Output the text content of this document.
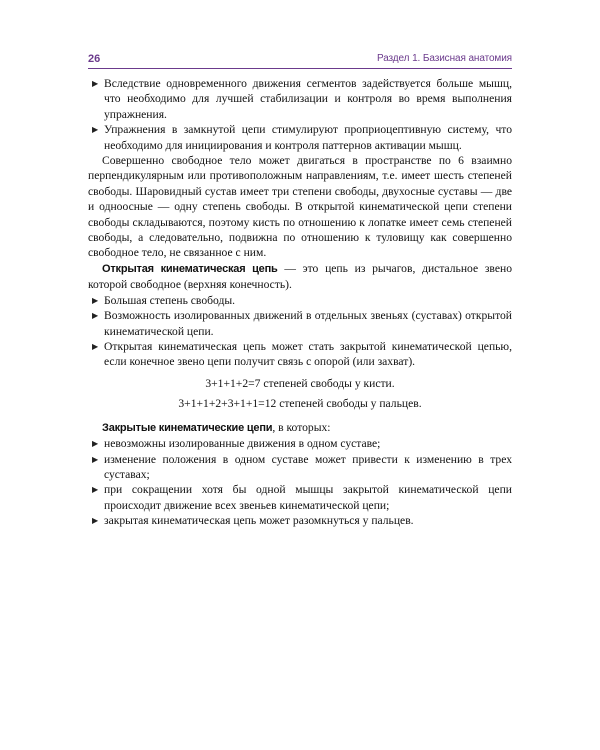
26	Раздел 1. Базисная анатомия
▶ Вследствие одновременного движения сегментов задействуется больше мышц, что необходимо для лучшей стабилизации и контроля во время выполнения упражнения.
▶ Упражнения в замкнутой цепи стимулируют проприоцептивную систему, что необходимо для инициирования и контроля паттернов активации мышц.

Совершенно свободное тело может двигаться в пространстве по 6 взаимно перпендикулярным или противоположным направлениям, т.е. имеет шесть степеней свободы. Шаровидный сустав имеет три степени свободы, двухосные суставы — две и одноосные — одну степень свободы. В открытой кинематической цепи степени свободы складываются, поэтому кисть по отношению к лопатке имеет семь степеней свободы, а следовательно, подвижна по отношению к туловищу как совершенно свободное тело, не связанное с ним.

Открытая кинематическая цепь — это цепь из рычагов, дистальное звено которой свободное (верхняя конечность).

▶ Большая степень свободы.
▶ Возможность изолированных движений в отдельных звеньях (суставах) открытой кинематической цепи.
▶ Открытая кинематическая цепь может стать закрытой кинематической цепью, если конечное звено цепи получит связь с опорой (или захват).

3+1+1+2=7 степеней свободы у кисти.

3+1+1+2+3+1+1=12 степеней свободы у пальцев.

Закрытые кинематические цепи, в которых:

▶ невозможны изолированные движения в одном суставе;
▶ изменение положения в одном суставе может привести к изменению в трех суставах;
▶ при сокращении хотя бы одной мышцы закрытой кинематической цепи происходит движение всех звеньев кинематической цепи;
▶ закрытая кинематическая цепь может разомкнуться у пальцев.
